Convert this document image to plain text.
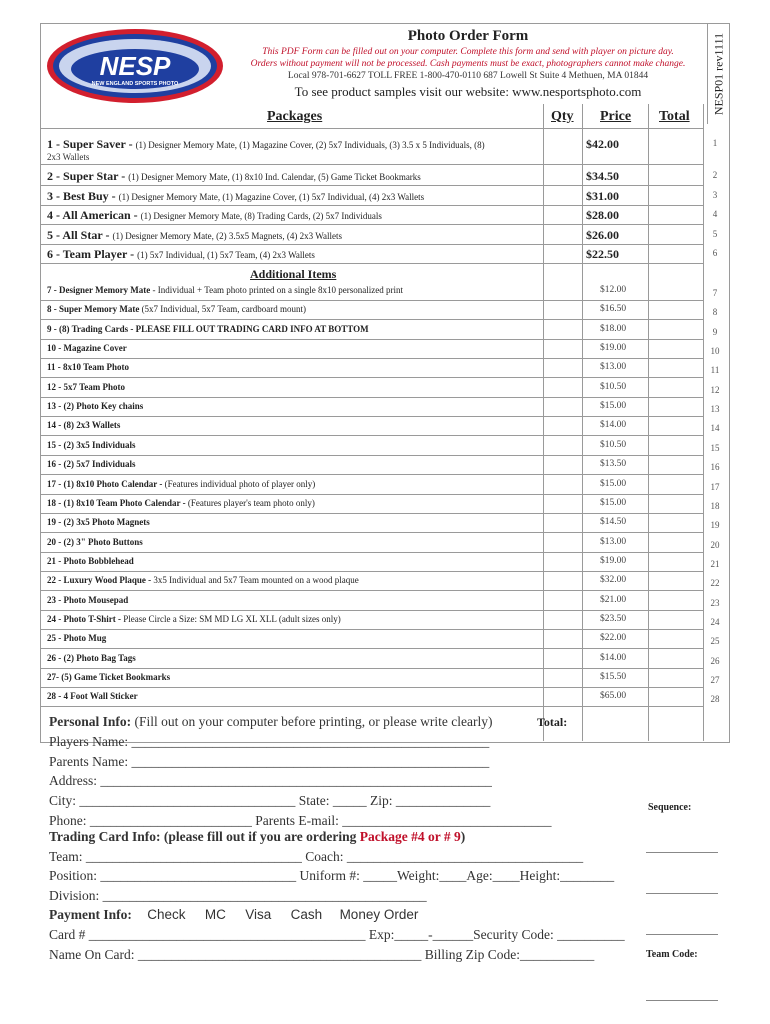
NESP
NEW ENGLAND SPORTS PHOTO
Photo Order Form
This PDF Form can be filled out on your computer. Complete this form and send with player on picture day.
Orders without payment will not be processed. Cash payments must be exact, photographers cannot make change.
Local 978-701-6627 TOLL FREE 1-800-470-0110 687 Lowell St Suite 4 Methuen, MA 01844
To see product samples visit our website: www.nesportsphoto.com	NESP01 rev1111
Packages	Qty Price Total
1 - Super Saver - (1) Designer Memory Mate, (1) Magazine Cover, (2) 5x7 Individuals, (3) 3.5 x 5 Individuals, (8)
2x3 Wallets
$42.00	1
2 - Super Star - (1) Designer Memory Mate, (1) 8x10 Ind. Calendar, (5) Game Ticket Bookmarks	$34.50	2
3 - Best Buy - (1) Designer Memory Mate, (1) Magazine Cover, (1) 5x7 Individual, (4) 2x3 Wallets	$31.00	3
4 - All American - (1) Designer Memory Mate, (8) Trading Cards, (2) 5x7 Individuals	$28.00	4
5 - All Star - (1) Designer Memory Mate, (2) 3.5x5 Magnets, (4) 2x3 Wallets	$26.00	5
6 - Team Player - (1) 5x7 Individual, (1) 5x7 Team, (4) 2x3 Wallets	$22.50	6
7 - Designer Memory Mate - Individual + Team photo printed on a single 8x10 personalized print	$12.00	7
8 - Super Memory Mate (5x7 Individual, 5x7 Team, cardboard mount)	$16.50	8
9 - (8) Trading Cards - PLEASE FILL OUT TRADING CARD INFO AT BOTTOM	$18.00	9
10 - Magazine Cover	$19.00	10
11 - 8x10 Team Photo	$13.00	11
12 - 5x7 Team Photo	$10.50	12
13 - (2) Photo Key chains	$15.00	13
14 - (8) 2x3 Wallets	$14.00	14
15 - (2) 3x5 Individuals	$10.50	15
16 - (2) 5x7 Individuals	$13.50	16
17 - (1) 8x10 Photo Calendar - (Features individual photo of player only)	$15.00	17
18 - (1) 8x10 Team Photo Calendar - (Features player's team photo only)	$15.00	18
19 - (2) 3x5 Photo Magnets	$14.50	19
20 - (2) 3" Photo Buttons	$13.00	20
21 - Photo Bobblehead	$19.00	21
22 - Luxury Wood Plaque - 3x5 Individual and 5x7 Team mounted on a wood plaque	$32.00	22
23 - Photo Mousepad	$21.00	23
24 - Photo T-Shirt - Please Circle a Size: SM MD LG XL XLL (adult sizes only)	$23.50	24
25 - Photo Mug	$22.00	25
26 - (2) Photo Bag Tags	$14.00	26
27- (5) Game Ticket Bookmarks	$15.50	27
28 - 4 Foot Wall Sticker	$65.00	28
Additional Items
Total:
Personal Info: (Fill out on your computer before printing, or please write clearly)
Players Name: _____________________________________________________
Parents Name: _____________________________________________________
Address: __________________________________________________________
City: ________________________________ State: _____ Zip: ______________
Phone: ________________________ Parents E-mail: _______________________________
Trading Card Info: (please fill out if you are ordering Package #4 or # 9)
Team: ________________________________ Coach: ___________________________________
Position: _____________________________ Uniform #: _____Weight:____Age:____Height:________
Division: ________________________________________________
Payment Info: Check MC Visa Cash Money Order
Card # _________________________________________ Exp:_____-______Security Code: __________
Name On Card: __________________________________________ Billing Zip Code:___________
Sequence:
Team Code:
